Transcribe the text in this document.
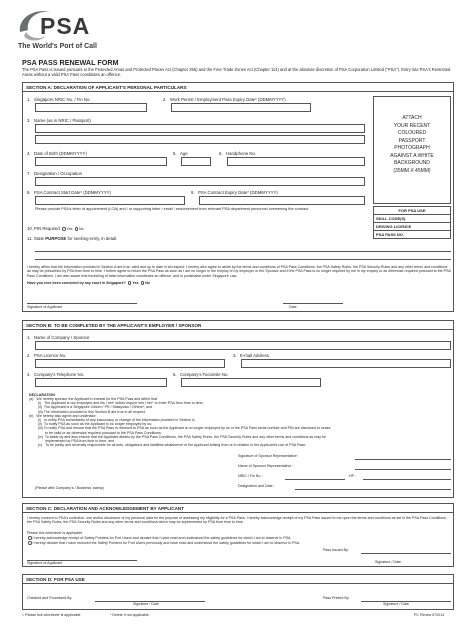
PSA
The World's Port of Call
PSA PASS RENEWAL FORM
The PSA Pass is issued pursuant to the Protected Areas and Protected Places Act (Chapter 256) and the Free Trade Zones Act (Chapter 114) and at the absolute discretion of PSA Corporation Limited ("PSA"). Entry into PSA's Restricted Areas without a valid PSA Pass constitutes an offence.
SECTION A: DECLARATION OF APPLICANT'S PERSONAL PARTICULARS
1. Singapore NRIC No. / Fin No.	2. Work Permit / Employment Pass Expiry Date* (DDMMYYYY)
3. Name (as in NRIC / Passport)
4. Date of Birth (DDMMYYYY)	5. Age	6. Handphone No.
7. Designation / Occupation
8. PSA Contract Start Date* (DDMMYYYY)	9. PSA Contract Expiry Date* (DDMMYYYY)
Please provide PSA's letter of appointment (LOA) and / or supporting letter / email / endorsement from relevant PSA department personnel overseeing the contract.
10.PIN Required Yes No
11.State PURPOSE for seeking entry, in detail.
ATTACH
YOUR RECENT
COLOURED
PASSPORT
PHOTOGRAPH
AGAINST A WHITE
BACKGROUND
(35MM X 45MM)
FOR PSA USE
SKILL CODE(S)
DRIVING LICENCE
PSA PASS NO.
I hereby affirm that the information provided in Section A are true, valid and up to date in all respect. I hereby also agree to abide by the terms and conditions of PSA Pass Conditions, the PSA Safety Rules, the PSA Security Rules and any other terms and conditions as may be prescribed by PSA from time to time. I further agree to return the PSA Pass as soon as I am no longer in the employ of my employer or the Sponsor and if the PSA Pass is no longer required by me in my employ or as otherwise required pursuant to the PSA Pass Conditions. I am also aware that furnishing of false information constitutes an offence, and is punishable under Singapore Law.
Have you ever been convicted by any court in Singapore? Yes No
Signature of Applicant	Date
SECTION B: TO BE COMPLETED BY THE APPLICANT'S EMPLOYER / SPONSOR
1. Name of Company / Sponsor
2. PSA Licence No.	3. E-mail Address
4. Company's Telephone No.	5. Company's Facsimile No.
DECLARATION
(a)   We hereby sponsor the Applicant's renewal for the PSA Pass and affirm that
(i)   The Applicant is our employee and his / her* duties require him / her* to enter PSA from time to time;
(ii)  The Applicant is a Singapore Citizen / PR / Malaysian / Others*; and
(iii) The information provided in this Section B are true in all respect.
(b)   We hereby also agree and undertake:
(i)   to notify PSA immediately of any inaccuracy or change of the information provided in Section A;
(ii)  To notify PSA as soon as the Applicant is no longer employed by us;
(iii) To notify PSA and ensure that the PSA Pass is returned to PSA as soon as the Applicant is no longer employed by us or the PSA Pass serial number and PIN are disclosed or cease
to be valid or as otherwise required pursuant to the PSA Pass Conditions.
(iv)  To abide by and also ensure that the Applicant abides by the PSA Pass Conditions, the PSA Safety Rules, the PSA Security Rules and any other terms and conditions as may be
implemented by PSA from time to time; and
(v)   To be jointly and severally responsible for all acts, obligations and liabilities whatsoever of the Applicant arising from or in relation to the Applicant's use of PSA Pass.
Signature of Sponsor Representative :
Name of Sponsor Representative :
NRIC / Fin No. :	HP :
Designation and Date :
(Please affix Company's / Business' stamp)
SECTION C: DECLARATION AND ACKNOWLEDGEMENT BY APPLICANT
I hereby consent to PSA's collection, use and/or disclosure of my personal data for the purpose of assessing my eligibility for a PSA Pass. I hereby acknowledge receipt of my PSA Pass issued to me upon the terms and conditions as set in the PSA Pass Conditions, the PSA Safety Rules, the PSA Security Rules and any other terms and conditions which may be implemented by PSA from time to time.
Please tick whichever is applicable
I hereby acknowledge receipt of Safety Pointers for Port Users and declare that I have read and understood the safety guidelines for which I am to observe in PSA.
I hereby declare that I have received the Safety Pointers for Port Users previously and have read and understood the safety guidelines for which I am to observe in PSA.
Pass Issued By:
Signature of Applicant	Signature / Date
SECTION D: FOR PSA USE
Checked and Processed By:
Signature / Date
Pass Printed By:
Signature / Date
○ Please tick whichever is applicable	* Delete if not applicable.	PC Renew 072014
